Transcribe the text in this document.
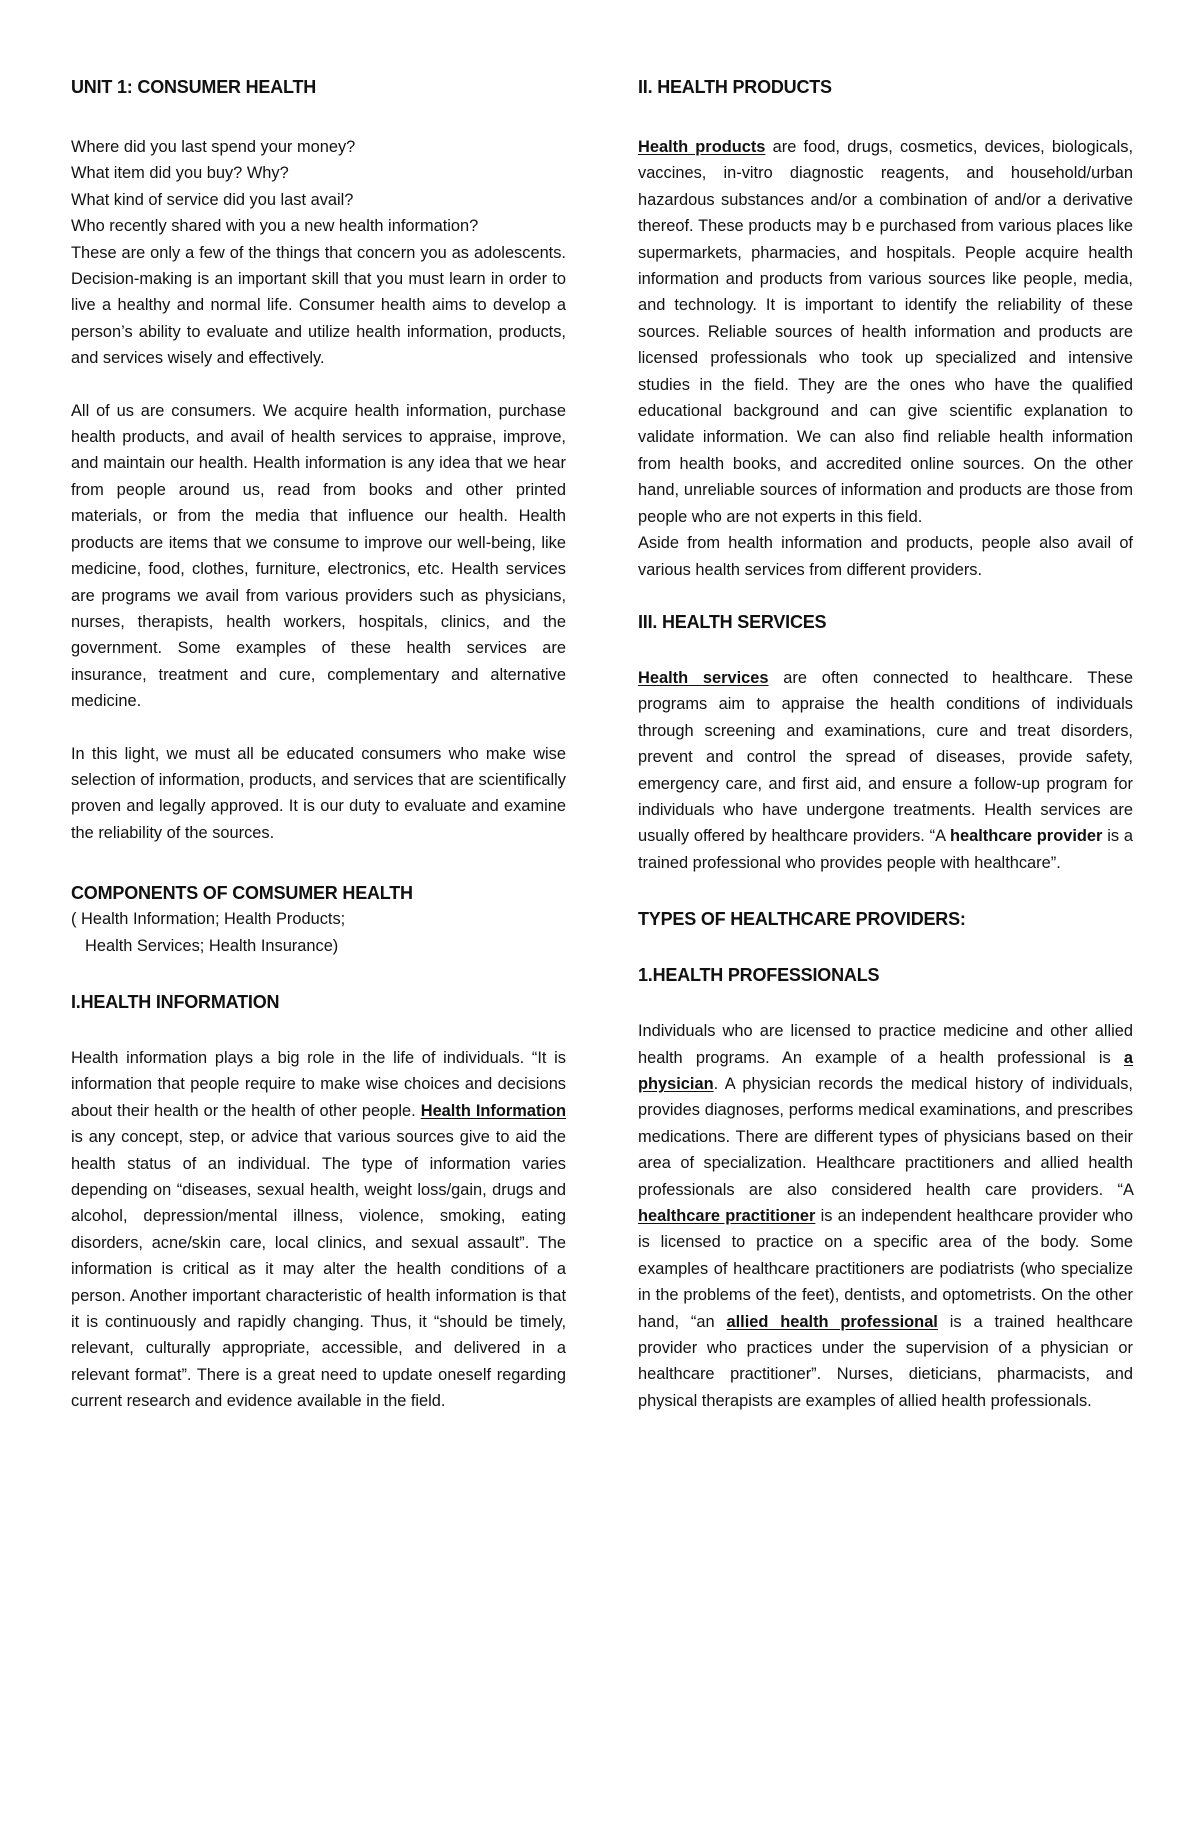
UNIT 1: CONSUMER HEALTH
Where did you last spend your money?
What item did you buy? Why?
What kind of service did you last avail?

Who recently shared with you a new health information?

These are only a few of the things that concern you as adolescents. Decision-making is an important skill that you must learn in order to live a healthy and normal life. Consumer health aims to develop a person’s ability to evaluate and utilize health information, products, and services wisely and effectively.

All of us are consumers. We acquire health information, purchase health products, and avail of health services to appraise, improve, and maintain our health. Health information is any idea that we hear from people around us, read from books and other printed materials, or from the media that influence our health. Health products are items that we consume to improve our well-being, like medicine, food, clothes, furniture, electronics, etc. Health services are programs we avail from various providers such as physicians, nurses, therapists, health workers, hospitals, clinics, and the government. Some examples of these health services are insurance, treatment and cure, complementary and alternative medicine.

In this light, we must all be educated consumers who make wise selection of information, products, and services that are scientifically proven and legally approved. It is our duty to evaluate and examine the reliability of the sources.

COMPONENTS OF COMSUMER HEALTH
( Health Information; Health Products;
Health Services; Health Insurance)
I.HEALTH INFORMATION

Health information plays a big role in the life of individuals. “It is information that people require to make wise choices and decisions about their health or the health of other people. Health Information is any concept, step, or advice that various sources give to aid the health status of an individual. The type of information varies depending on “diseases, sexual health, weight loss/gain, drugs and alcohol, depression/mental illness, violence, smoking, eating disorders, acne/skin care, local clinics, and sexual assault”. The information is critical as it may alter the health conditions of a person. Another important characteristic of health information is that it is continuously and rapidly changing. Thus, it “should be timely, relevant, culturally appropriate, accessible, and delivered in a relevant format”. There is a great need to update oneself regarding current research and evidence available in the field.

II. HEALTH PRODUCTS

Health products are food, drugs, cosmetics, devices, biologicals, vaccines, in-vitro diagnostic reagents, and household/urban hazardous substances and/or a combination of and/or a derivative thereof. These products may b e purchased from various places like supermarkets, pharmacies, and hospitals. People acquire health information and products from various sources like people, media, and technology. It is important to identify the reliability of these sources. Reliable sources of health information and products are licensed professionals who took up specialized and intensive studies in the field. They are the ones who have the qualified educational background and can give scientific explanation to validate information. We can also find reliable health information from health books, and accredited online sources. On the other hand, unreliable sources of information and products are those from people who are not experts in this field.

Aside from health information and products, people also avail of various health services from different providers.

III. HEALTH SERVICES

Health services are often connected to healthcare. These programs aim to appraise the health conditions of individuals through screening and examinations, cure and treat disorders, prevent and control the spread of diseases, provide safety, emergency care, and first aid, and ensure a follow-up program for individuals who have undergone treatments. Health services are usually offered by healthcare providers. “A healthcare provider is a trained professional who provides people with healthcare”.

TYPES OF HEALTHCARE PROVIDERS:
1.HEALTH PROFESSIONALS

Individuals who are licensed to practice medicine and other allied health programs. An example of a health professional is a physician. A physician records the medical history of individuals, provides diagnoses, performs medical examinations, and prescribes medications. There are different types of physicians based on their area of specialization. Healthcare practitioners and allied health professionals are also considered health care providers. “A healthcare practitioner is an independent healthcare provider who is licensed to practice on a specific area of the body. Some examples of healthcare practitioners are podiatrists (who specialize in the problems of the feet), dentists, and optometrists. On the other hand, “an allied health professional is a trained healthcare provider who practices under the supervision of a physician or healthcare practitioner”. Nurses, dieticians, pharmacists, and physical therapists are examples of allied health professionals.
